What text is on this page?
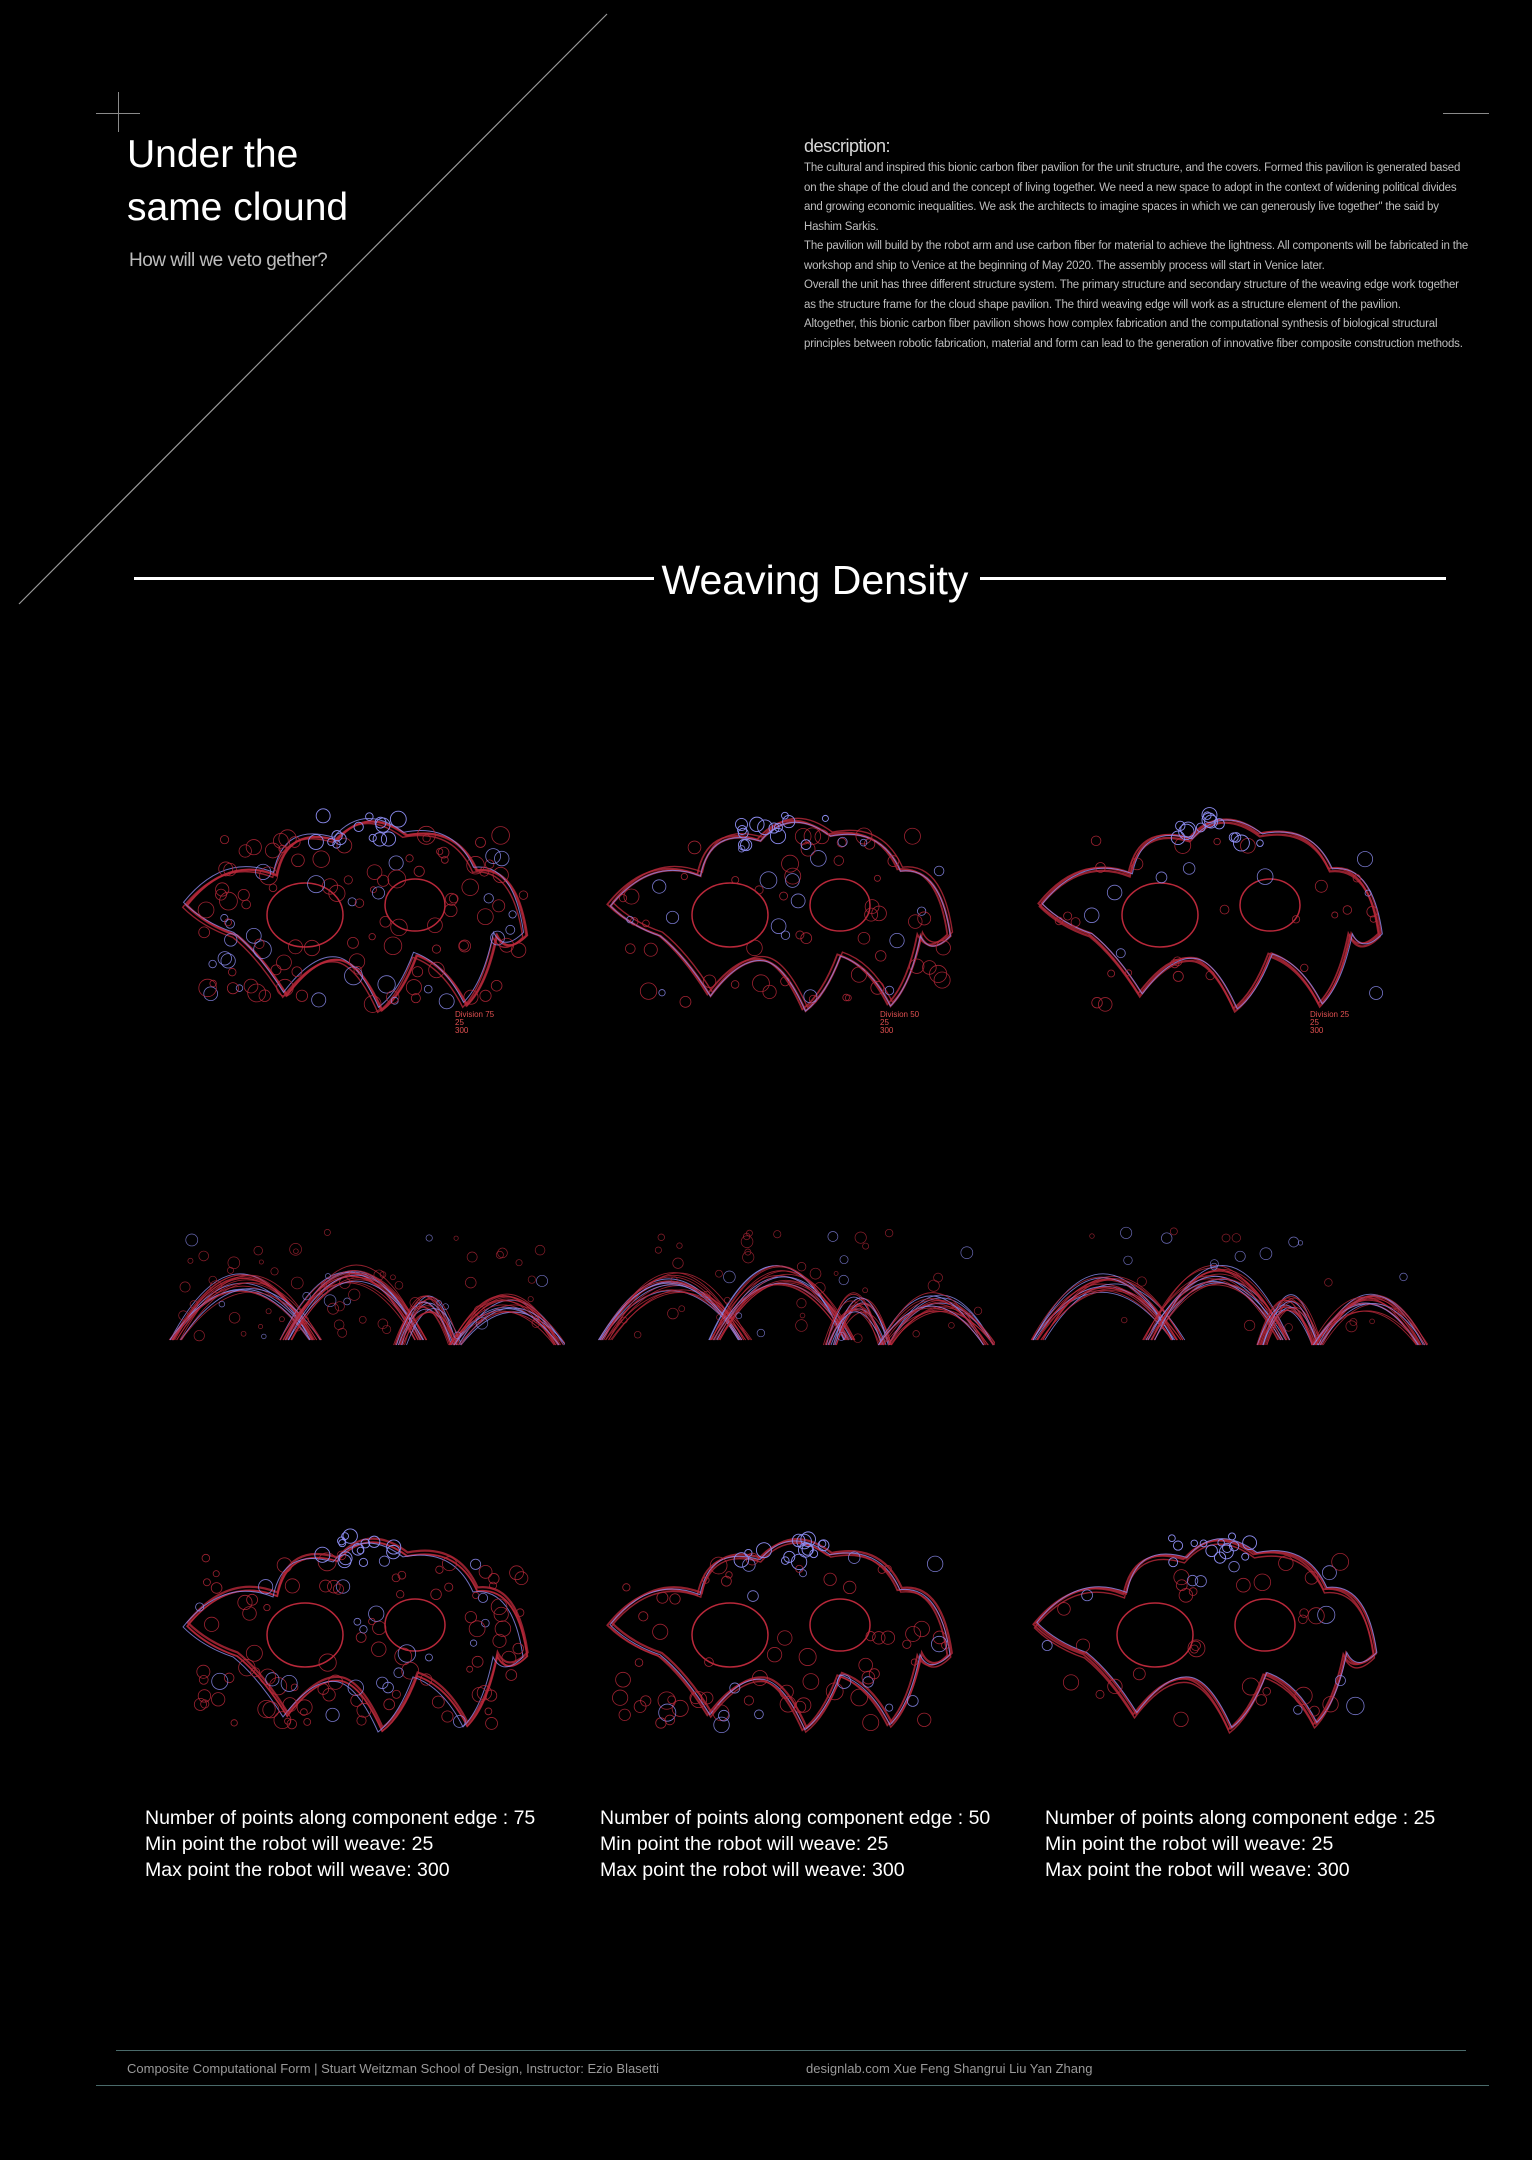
Under the
same clound
How will we veto gether?
description:

The cultural and inspired this bionic carbon fiber pavilion for the unit structure, and the covers. Formed this pavilion is generated based on the shape of the cloud and the concept of living together. We need a new space to adopt in the context of widening political divides and growing economic inequalities. We ask the architects to imagine spaces in which we can generously live together" the said by Hashim Sarkis.

The pavilion will build by the robot arm and use carbon fiber for material to achieve the lightness. All components will be fabricated in the workshop and ship to Venice at the beginning of May 2020. The assembly process will start in Venice later.

Overall the unit has three different structure system. The primary structure and secondary structure of the weaving edge work together as the structure frame for the cloud shape pavilion. The third weaving edge will work as a structure element of the pavilion.

Altogether, this bionic carbon fiber pavilion shows how complex fabrication and the computational synthesis of biological structural principles between robotic fabrication, material and form can lead to the generation of innovative fiber composite construction methods.

Weaving Density
Division 75 25 300
Division 50 25 300
Division 25 25 300
Number of points along component edge : 75
Min point the robot will weave: 25
Max point the robot will weave: 300
Number of points along component edge : 50
Min point the robot will weave: 25
Max point the robot will weave: 300
Number of points along component edge : 25
Min point the robot will weave: 25
Max point the robot will weave: 300
Composite Computational Form | Stuart Weitzman School of Design, Instructor: Ezio Blasetti	designlab.com Xue Feng Shangrui Liu Yan Zhang
